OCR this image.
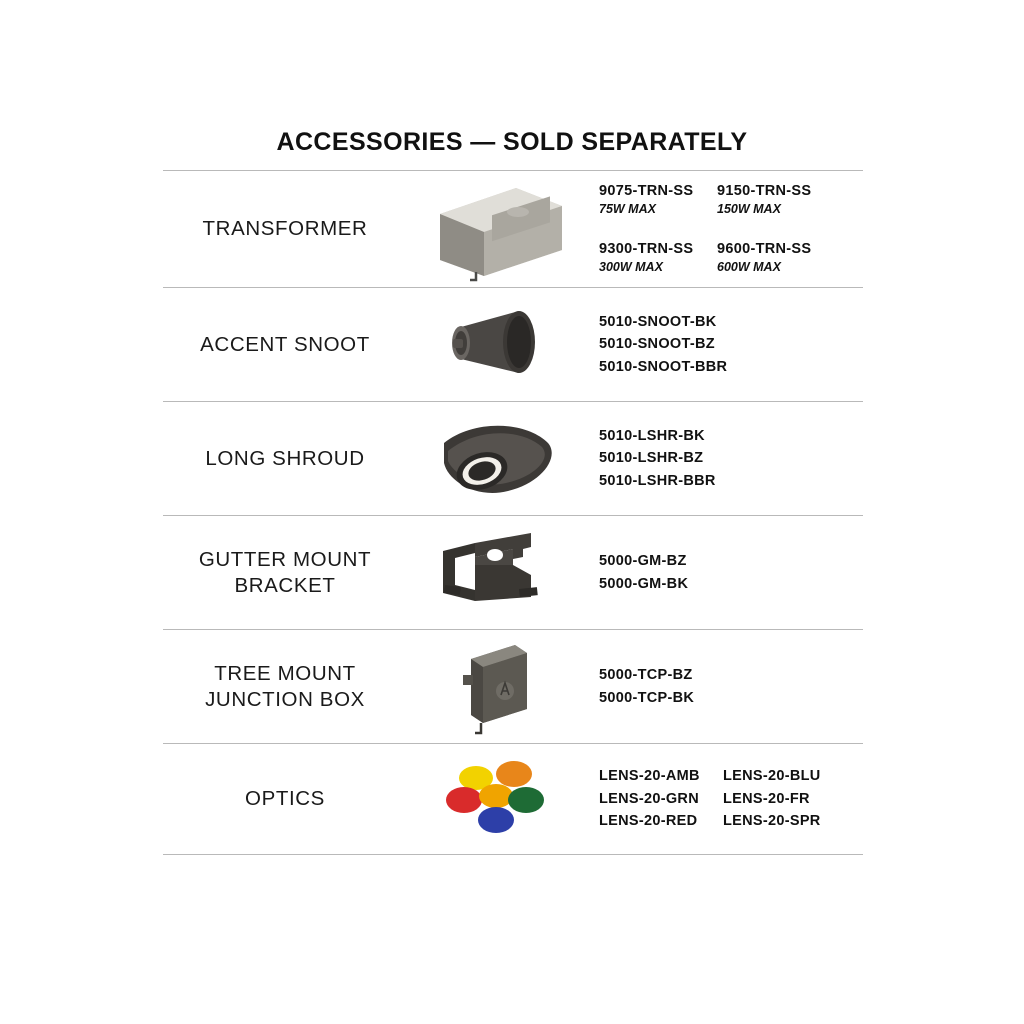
ACCESSORIES — SOLD SEPARATELY
TRANSFORMER
9075-TRN-SS
75W MAX
9150-TRN-SS
150W MAX
9300-TRN-SS
300W MAX
9600-TRN-SS
600W MAX
ACCENT SNOOT
5010-SNOOT-BK
5010-SNOOT-BZ
5010-SNOOT-BBR
LONG SHROUD
5010-LSHR-BK
5010-LSHR-BZ
5010-LSHR-BBR
GUTTER MOUNT
BRACKET
5000-GM-BZ
5000-GM-BK
TREE MOUNT
JUNCTION BOX
5000-TCP-BZ
5000-TCP-BK
OPTICS
LENS-20-AMB	LENS-20-BLU
LENS-20-GRN	LENS-20-FR
LENS-20-RED	LENS-20-SPR
